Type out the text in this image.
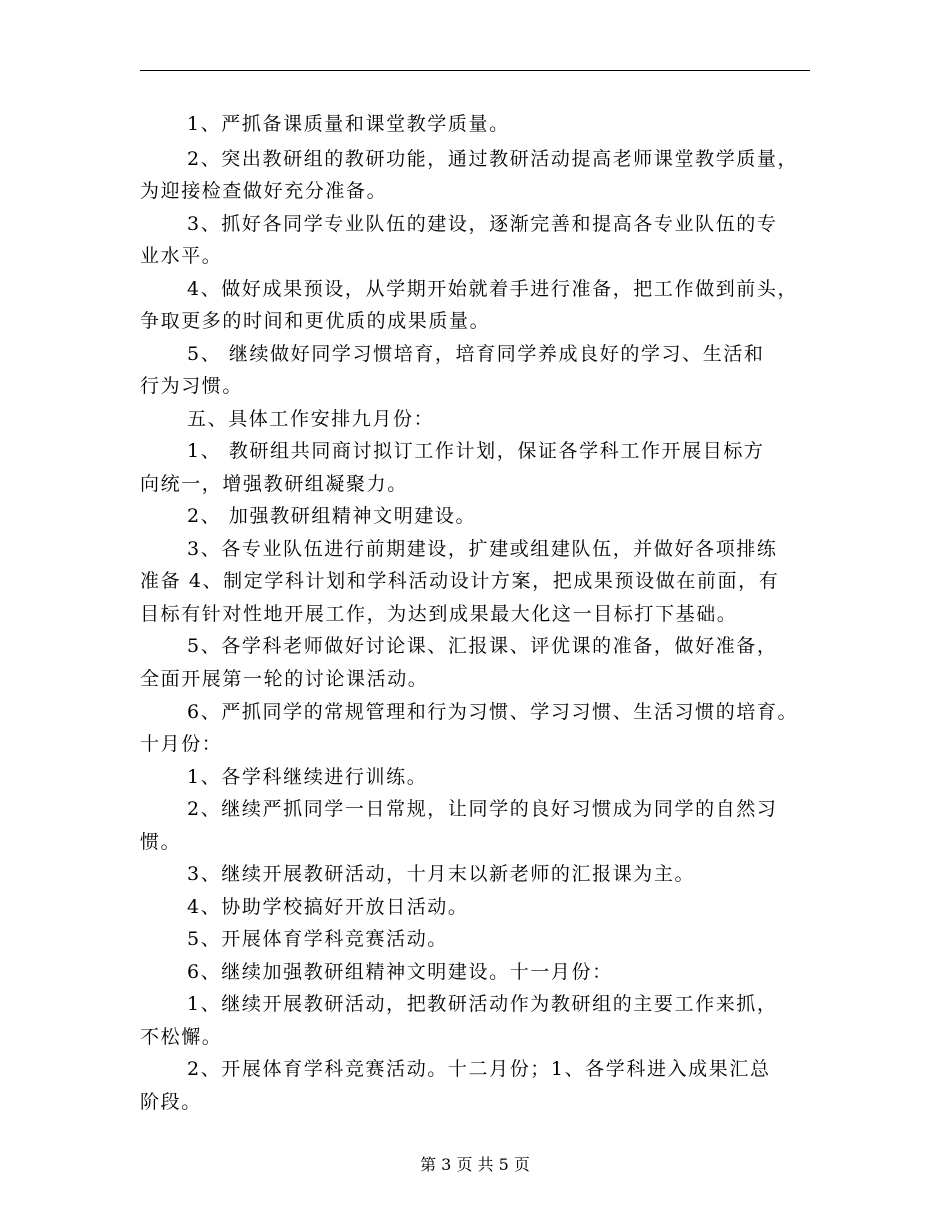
1、严抓备课质量和课堂教学质量。
2、突出教研组的教研功能，通过教研活动提高老师课堂教学质量，
为迎接检查做好充分准备。
3、抓好各同学专业队伍的建设，逐渐完善和提高各专业队伍的专
业水平。
4、做好成果预设，从学期开始就着手进行准备，把工作做到前头，
争取更多的时间和更优质的成果质量。
5、 继续做好同学习惯培育，培育同学养成良好的学习、生活和
行为习惯。
五、具体工作安排九月份：
1、 教研组共同商讨拟订工作计划，保证各学科工作开展目标方
向统一，增强教研组凝聚力。
2、 加强教研组精神文明建设。
3、各专业队伍进行前期建设，扩建或组建队伍，并做好各项排练
准备 4、制定学科计划和学科活动设计方案，把成果预设做在前面，有
目标有针对性地开展工作，为达到成果最大化这一目标打下基础。
5、各学科老师做好讨论课、汇报课、评优课的准备，做好准备，
全面开展第一轮的讨论课活动。
6、严抓同学的常规管理和行为习惯、学习习惯、生活习惯的培育。
十月份：
1、各学科继续进行训练。
2、继续严抓同学一日常规，让同学的良好习惯成为同学的自然习
惯。
3、继续开展教研活动，十月末以新老师的汇报课为主。
4、协助学校搞好开放日活动。
5、开展体育学科竞赛活动。
6、继续加强教研组精神文明建设。十一月份：
1、继续开展教研活动，把教研活动作为教研组的主要工作来抓，
不松懈。
2、开展体育学科竞赛活动。十二月份；1、各学科进入成果汇总
阶段。
第 3 页 共 5 页
